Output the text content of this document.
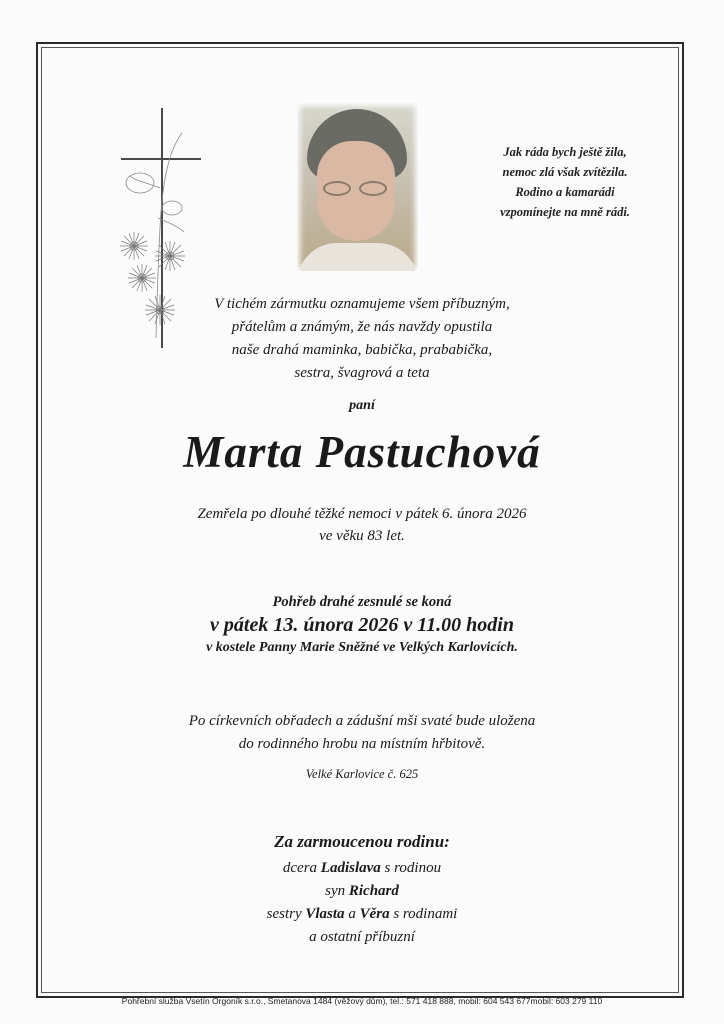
Jak ráda bych ještě žila,
nemoc zlá však zvítězila.
Rodino a kamarádi
vzpomínejte na mně rádi.
V tichém zármutku oznamujeme všem příbuzným,
přátelům a známým, že nás navždy opustila
naše drahá maminka, babička, prababička,
sestra, švagrová a teta
paní
Marta Pastuchová
Zemřela po dlouhé těžké nemoci v pátek 6. února 2026
ve věku 83 let.
Pohřeb drahé zesnulé se koná
v pátek 13. února 2026 v 11.00 hodin
v kostele Panny Marie Sněžné ve Velkých Karlovicích.
Po církevních obřadech a zádušní mši svaté bude uložena
do rodinného hrobu na místním hřbitově.
Velké Karlovice č. 625
Za zarmoucenou rodinu:
dcera Ladislava s rodinou
syn Richard
sestry Vlasta a Věra s rodinami
a ostatní příbuzní
Pohřební služba Vsetín Orgoník s.r.o., Smetanova 1484 (věžový dům), tel.: 571 418 888, mobil: 604 543 677mobil: 603 279 110
